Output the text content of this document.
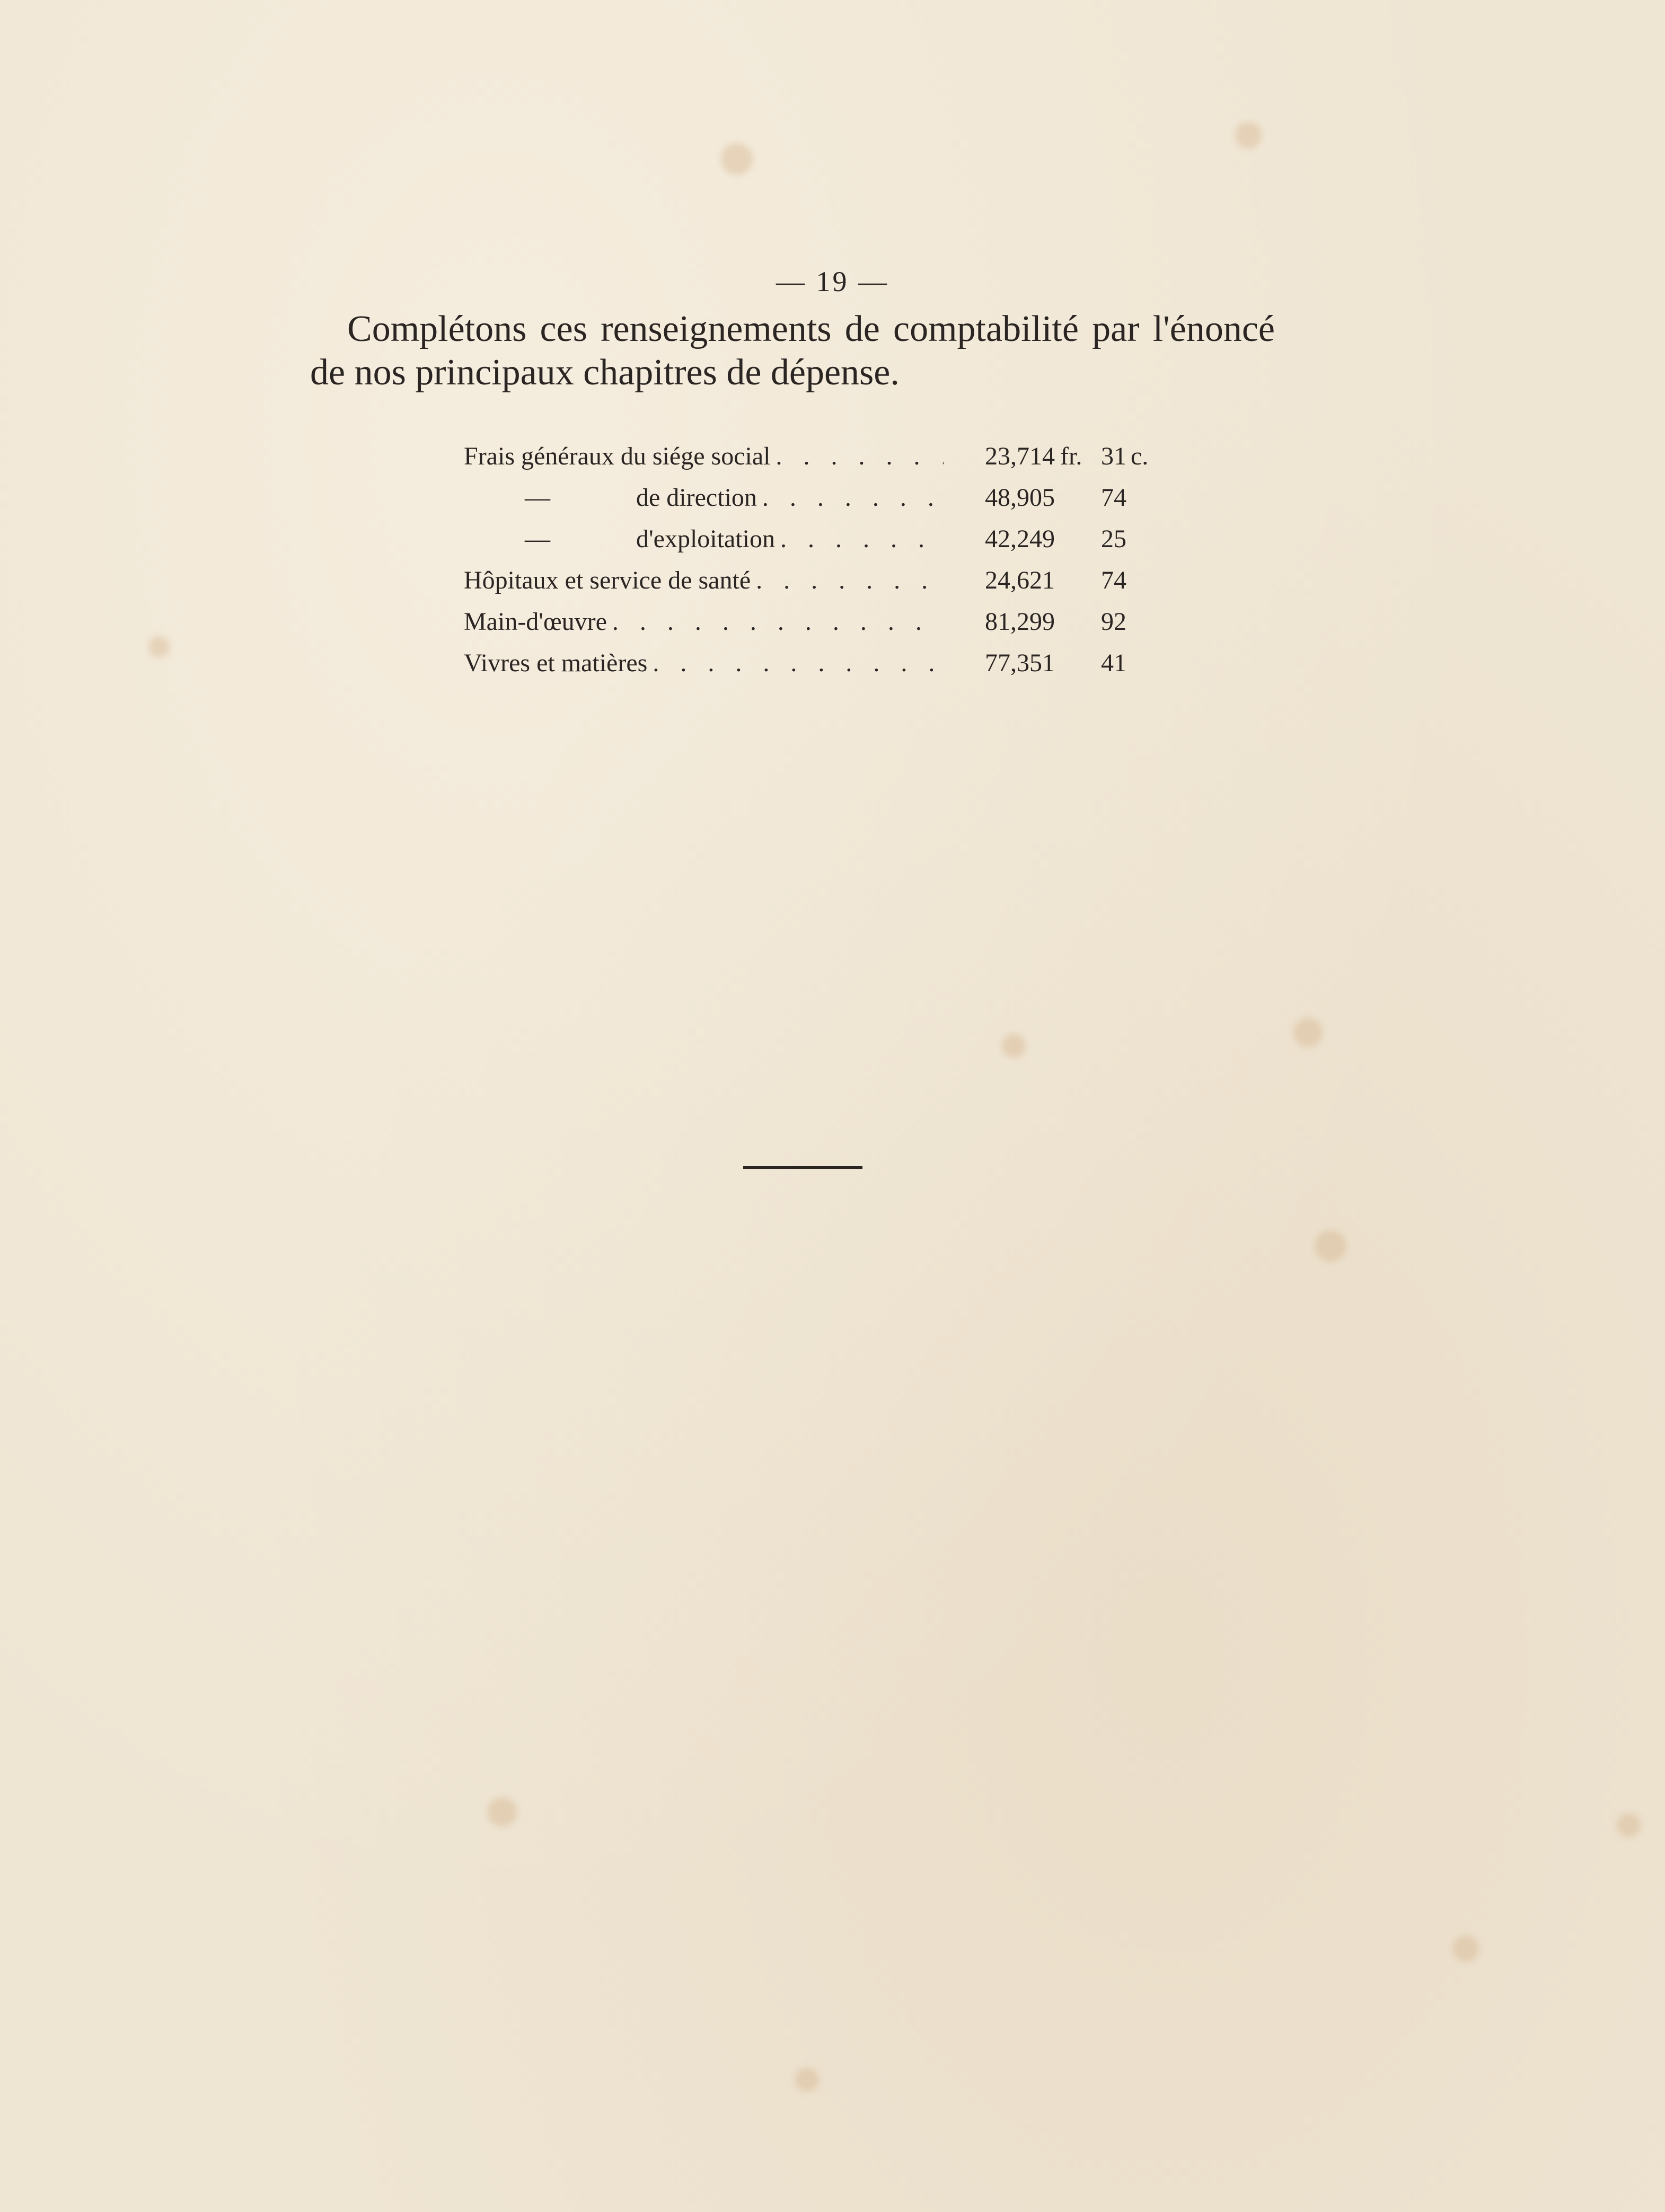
— 19 —
Complétons ces renseignements de comptabilité par l'énoncé
de nos principaux chapitres de dépense.
Frais généraux du siége social . . .	23,714 fr. 31 c.
—	de direction . . .	48,905	74
—	d'exploitation . . .	42,249	25
Hôpitaux et service de santé . . .	24,621	74
Main-d'œuvre . . .	81,299	92
Vivres et matières . . .	77,351	41
